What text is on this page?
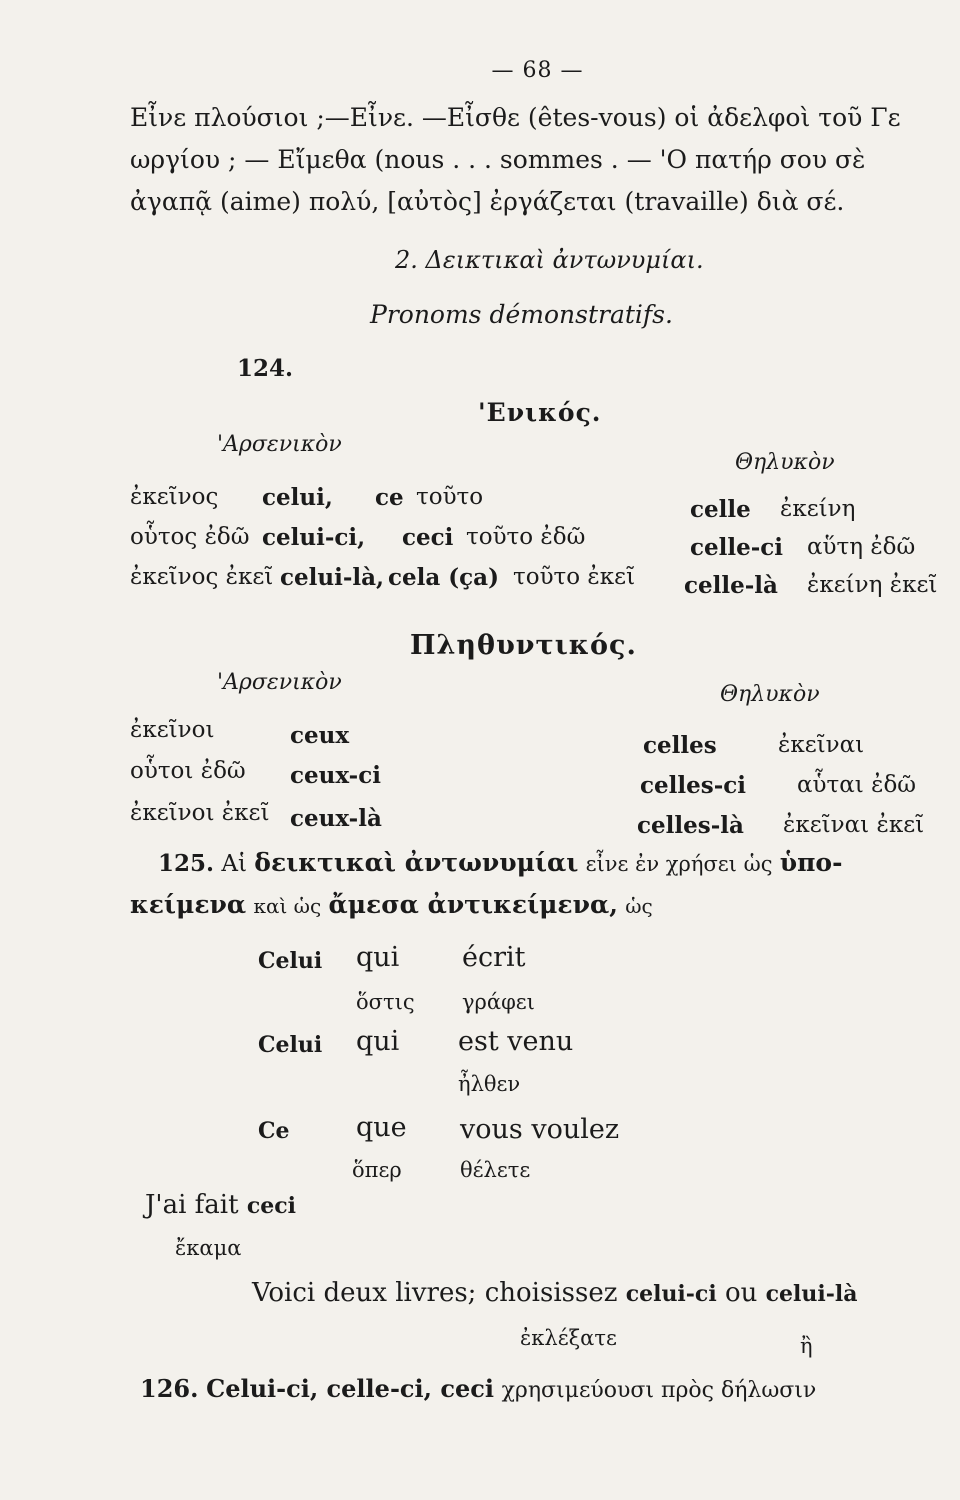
— 68 —
Eἶνε πλούσιοι ;—Eἶνε. —Eἶσθε (êtes-vous) οἱ ἀδελφοὶ τοῦ Γε
ωργίου ; — Eἴμεθα (nous . . . sommes . — 'O πατήρ σου σὲ
ἀγαπᾷ (aime) πολύ, [αὐτὸς] ἐργάζεται (travaille) διὰ σέ.
2. Δεικτικαὶ ἀντωνυμίαι.
Pronoms démonstratifs.
124.
'Eνικός.
'Aρσενικὸν
Θηλυκὸν
ἐκεῖνος celui, ce τοῦτο	celle ἐκείνη
οὗτος ἐδῶ celui-ci, ceci τοῦτο ἐδῶ	celle-ci αὕτη ἐδῶ
ἐκεῖνος ἐκεῖ celui-là, cela (ça) τοῦτο ἐκεῖ celle-là ἐκείνη ἐκεῖ
Πληθυντικός.
'Aρσενικὸν	Θηλυκὸν
ἐκεῖνοι	ceux	celles	ἐκεῖναι
οὗτοι ἐδῶ ceux-ci	celles-ci αὗται ἐδῶ
ἐκεῖνοι ἐκεῖ ceux-là	celles-là ἐκεῖναι ἐκεῖ
125. Aἱ δεικτικαὶ ἀντωνυμίαι εἶνε ἐν χρήσει ὡς ὑπο-
κείμενα καὶ ὡς ἄμεσα ἀντικείμενα, ὡς
Celui qui écrit
ὅστις γράφει
Celui qui est venu
ἦλθεν
Ce que vous voulez
ὅπερ	θέλετε
J'ai fait ceci
ἔκαμα
Voici deux livres; choisissez celui-ci ou celui-là
ἐκλέξατε	ἢ
126. Celui-ci, celle-ci, ceci χρησιμεύουσι πρὸς δήλωσιν
